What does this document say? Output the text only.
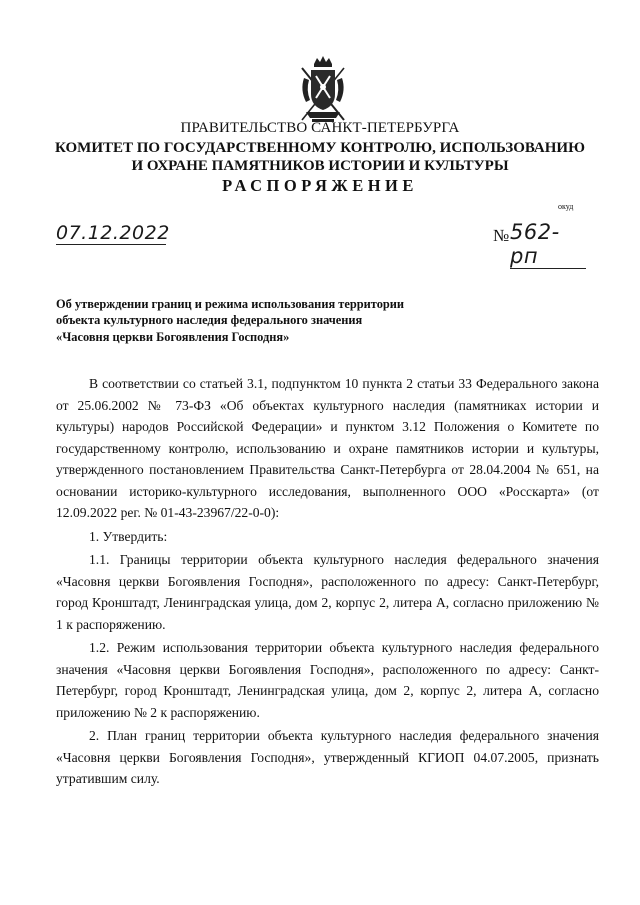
ПРАВИТЕЛЬСТВО САНКТ-ПЕТЕРБУРГА
КОМИТЕТ ПО ГОСУДАРСТВЕННОМУ КОНТРОЛЮ, ИСПОЛЬЗОВАНИЮ
И ОХРАНЕ ПАМЯТНИКОВ ИСТОРИИ И КУЛЬТУРЫ
РАСПОРЯЖЕНИЕ
окуд
07.12.2022	№ 562-рп
Об утверждении границ и режима использования территории
объекта культурного наследия федерального значения
«Часовня церкви Богоявления Господня»

В соответствии со статьей 3.1, подпунктом 10 пункта 2 статьи 33 Федерального закона от 25.06.2002 № 73-ФЗ «Об объектах культурного наследия (памятниках истории и культуры) народов Российской Федерации» и пунктом 3.12 Положения о Комитете по государственному контролю, использованию и охране памятников истории и культуры, утвержденного постановлением Правительства Санкт-Петербурга от 28.04.2004 № 651, на основании историко-культурного исследования, выполненного ООО «Росскарта» (от 12.09.2022 рег. № 01-43-23967/22-0-0):

1. Утвердить:

1.1. Границы территории объекта культурного наследия федерального значения «Часовня церкви Богоявления Господня», расположенного по адресу: Санкт-Петербург, город Кронштадт, Ленинградская улица, дом 2, корпус 2, литера А, согласно приложению № 1 к распоряжению.

1.2. Режим использования территории объекта культурного наследия федерального значения «Часовня церкви Богоявления Господня», расположенного по адресу: Санкт-Петербург, город Кронштадт, Ленинградская улица, дом 2, корпус 2, литера А, согласно приложению № 2 к распоряжению.

2. План границ территории объекта культурного наследия федерального значения «Часовня церкви Богоявления Господня», утвержденный КГИОП 04.07.2005, признать утратившим силу.
